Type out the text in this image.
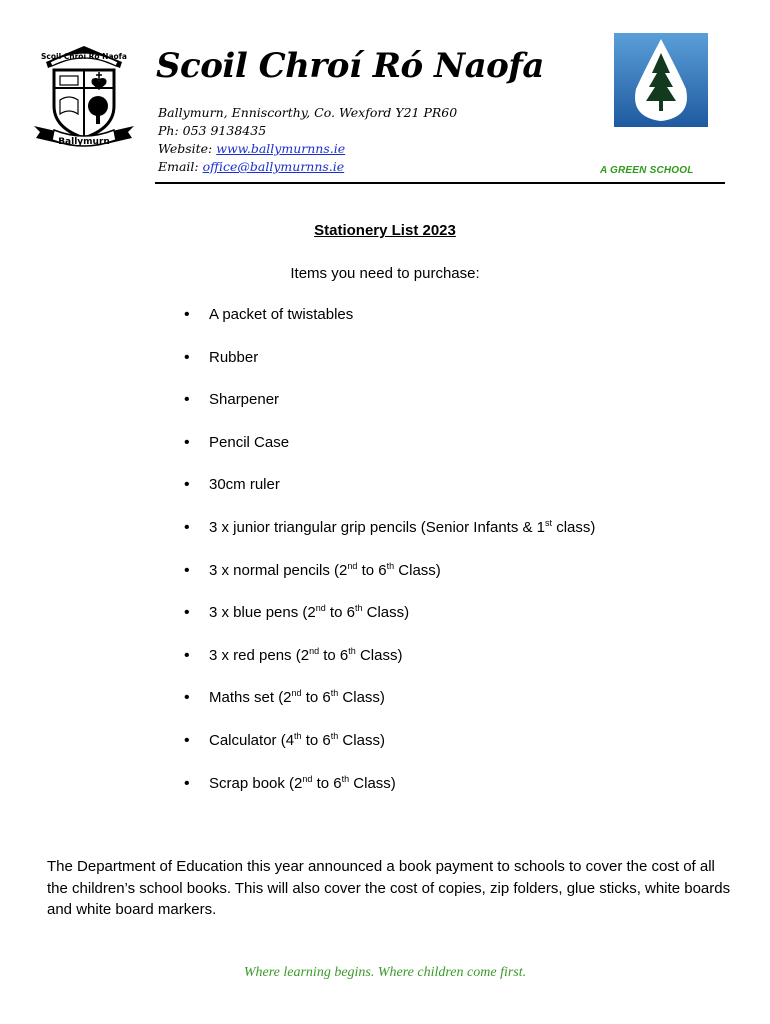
Ballymurn
Scoil Chroí Ró Naofa Scoil Chroí Ró Naofa
Ballymurn, Enniscorthy, Co. Wexford Y21 PR60
Ph: 053 9138435
Website: www.ballymurnns.ie
Email: office@ballymurnns.ie	A GREEN SCHOOL
Stationery List 2023
Items you need to purchase:
• A packet of twistables
• Rubber
• Sharpener
• Pencil Case
• 30cm ruler
• 3 x junior triangular grip pencils (Senior Infants & 1st class)
• 3 x normal pencils (2nd to 6th Class)
• 3 x blue pens (2nd to 6th Class)
• 3 x red pens (2nd to 6th Class)
• Maths set (2nd to 6th Class)
• Calculator (4th to 6th Class)
• Scrap book (2nd to 6th Class)
The Department of Education this year announced a book payment to schools to cover the cost of all the children’s school books. This will also cover the cost of copies, zip folders, glue sticks, white boards and white board markers.
Where learning begins. Where children come first.
